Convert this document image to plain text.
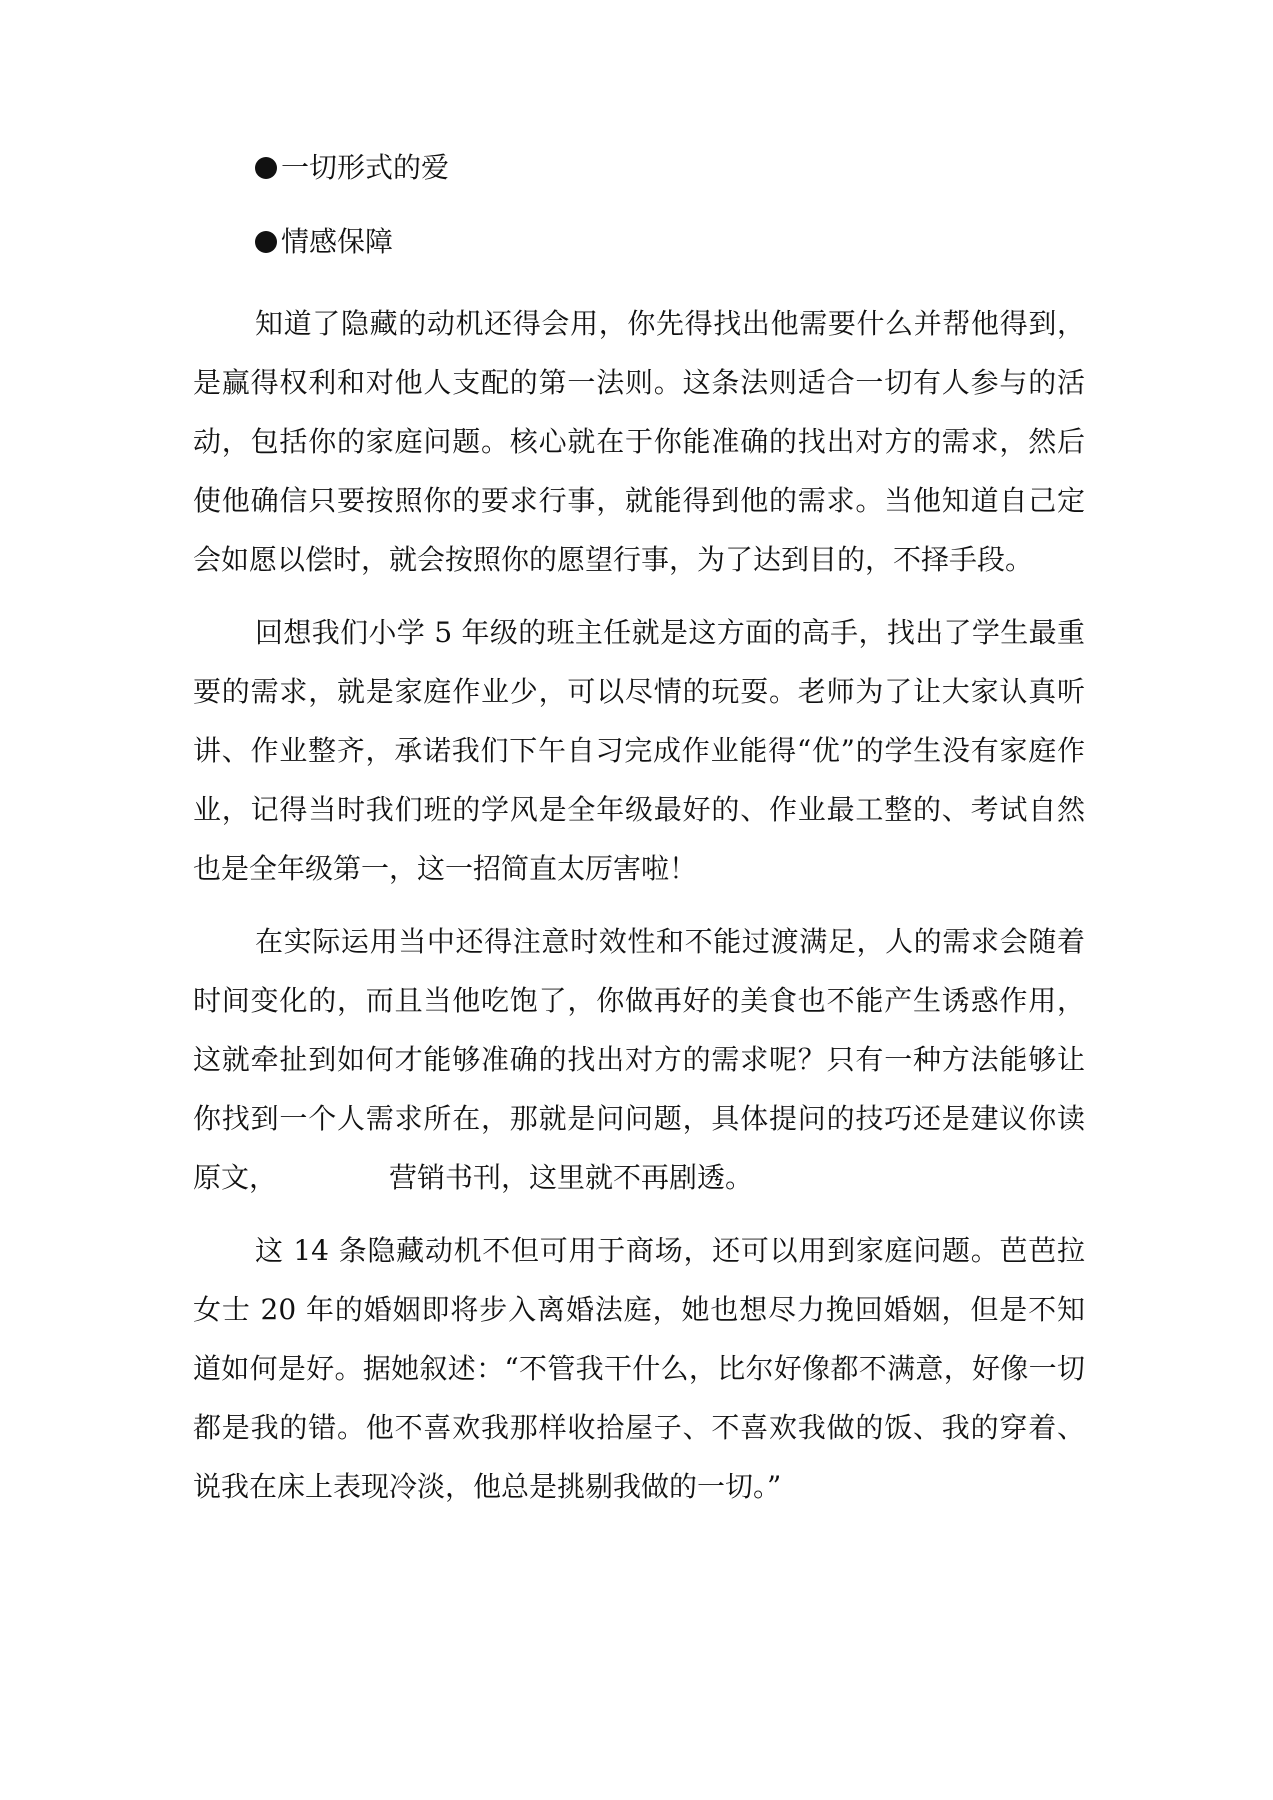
一切形式的爱
情感保障

知道了隐藏的动机还得会用，你先得找出他需要什么并帮他得到，是赢得权利和对他人支配的第一法则。这条法则适合一切有人参与的活动，包括你的家庭问题。核心就在于你能准确的找出对方的需求，然后使他确信只要按照你的要求行事，就能得到他的需求。当他知道自己定会如愿以偿时，就会按照你的愿望行事，为了达到目的，不择手段。

回想我们小学 5 年级的班主任就是这方面的高手，找出了学生最重要的需求，就是家庭作业少，可以尽情的玩耍。老师为了让大家认真听讲、作业整齐，承诺我们下午自习完成作业能得“优”的学生没有家庭作业，记得当时我们班的学风是全年级最好的、作业最工整的、考试自然也是全年级第一，这一招简直太厉害啦！

在实际运用当中还得注意时效性和不能过渡满足，人的需求会随着时间变化的，而且当他吃饱了，你做再好的美食也不能产生诱惑作用，这就牵扯到如何才能够准确的找出对方的需求呢？只有一种方法能够让你找到一个人需求所在，那就是问问题，具体提问的技巧还是建议你读原文，	营销书刊，这里就不再剧透。

这 14 条隐藏动机不但可用于商场，还可以用到家庭问题。芭芭拉女士 20 年的婚姻即将步入离婚法庭，她也想尽力挽回婚姻，但是不知道如何是好。据她叙述：“不管我干什么，比尔好像都不满意，好像一切都是我的错。他不喜欢我那样收拾屋子、不喜欢我做的饭、我的穿着、说我在床上表现冷淡，他总是挑剔我做的一切。”
